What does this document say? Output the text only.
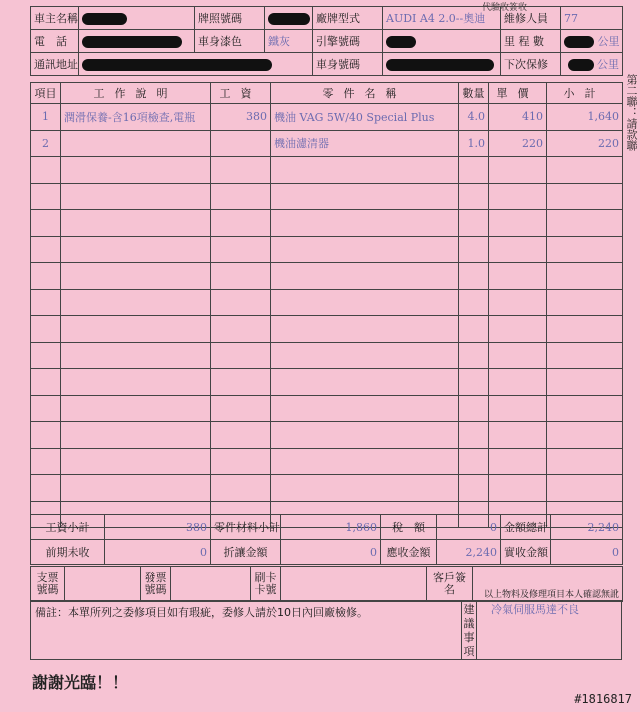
代驗收簽收
車主名稱		牌照號碼		廠牌型式	AUDI A4 2.0--奧迪	維修人員	77
電　話		車身漆色	鐵灰	引擎號碼		里 程 數	公里
通訊地址				車身號碼		下次保修	公里
項目	工作說明	工資	零件名稱	數量	單價	小計
1	潤滑保養-含16項檢查,電瓶	380	機油 VAG 5W/40 Special Plus	4.0	410	1,640
2			機油濾清器	1.0	220	220

工資小計	380	零件材料小計	1,860	稅　額	0	金額總計	2,240
前期未收	0	折讓金額	0	應收金額	2,240	實收金額	0
支票號碼		發票號碼		刷卡卡號		客戶簽名	以上物料及修理項目本人確認無訛
備註：本單所列之委修項目如有瑕疵，委修人請於10日內回廠檢修。	建議事項
冷氣伺服馬達不良
謝謝光臨！！
#1816817
第二聯：請款聯
